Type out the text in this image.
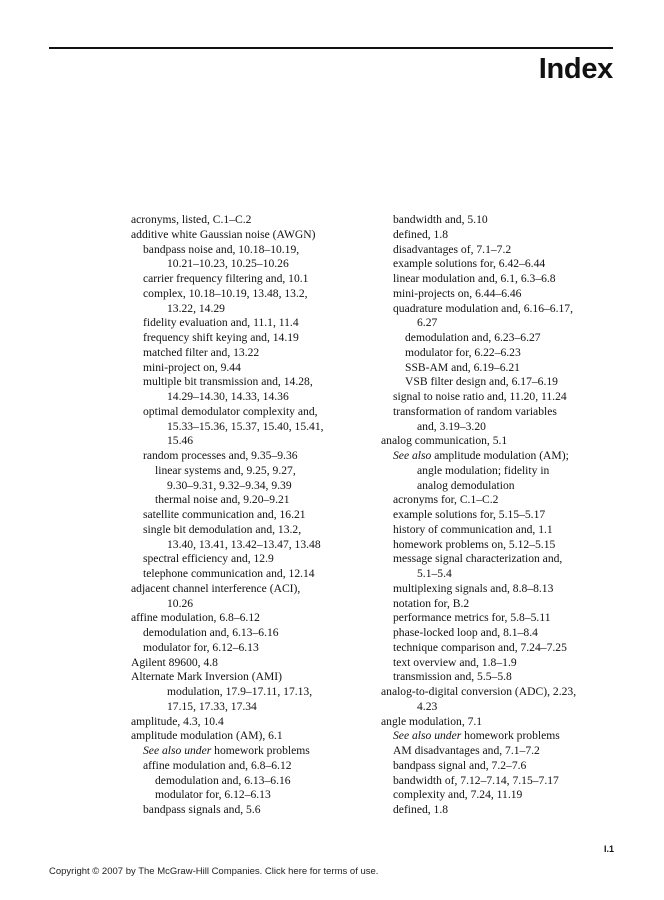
Index
acronyms, listed, C.1–C.2
additive white Gaussian noise (AWGN)
bandpass noise and, 10.18–10.19,
10.21–10.23, 10.25–10.26
carrier frequency filtering and, 10.1
complex, 10.18–10.19, 13.48, 13.2,
13.22, 14.29
fidelity evaluation and, 11.1, 11.4
frequency shift keying and, 14.19
matched filter and, 13.22
mini-project on, 9.44
multiple bit transmission and, 14.28,
14.29–14.30, 14.33, 14.36
optimal demodulator complexity and,
15.33–15.36, 15.37, 15.40, 15.41,
15.46
random processes and, 9.35–9.36
linear systems and, 9.25, 9.27,
9.30–9.31, 9.32–9.34, 9.39
thermal noise and, 9.20–9.21
satellite communication and, 16.21
single bit demodulation and, 13.2,
13.40, 13.41, 13.42–13.47, 13.48
spectral efficiency and, 12.9
telephone communication and, 12.14
adjacent channel interference (ACI),
10.26
affine modulation, 6.8–6.12
demodulation and, 6.13–6.16
modulator for, 6.12–6.13
Agilent 89600, 4.8
Alternate Mark Inversion (AMI)
modulation, 17.9–17.11, 17.13,
17.15, 17.33, 17.34
amplitude, 4.3, 10.4
amplitude modulation (AM), 6.1
See also under homework problems
affine modulation and, 6.8–6.12
demodulation and, 6.13–6.16
modulator for, 6.12–6.13
bandpass signals and, 5.6
bandwidth and, 5.10
defined, 1.8
disadvantages of, 7.1–7.2
example solutions for, 6.42–6.44
linear modulation and, 6.1, 6.3–6.8
mini-projects on, 6.44–6.46
quadrature modulation and, 6.16–6.17,
6.27
demodulation and, 6.23–6.27
modulator for, 6.22–6.23
SSB-AM and, 6.19–6.21
VSB filter design and, 6.17–6.19
signal to noise ratio and, 11.20, 11.24
transformation of random variables
and, 3.19–3.20
analog communication, 5.1
See also amplitude modulation (AM);
angle modulation; fidelity in
analog demodulation
acronyms for, C.1–C.2
example solutions for, 5.15–5.17
history of communication and, 1.1
homework problems on, 5.12–5.15
message signal characterization and,
5.1–5.4
multiplexing signals and, 8.8–8.13
notation for, B.2
performance metrics for, 5.8–5.11
phase-locked loop and, 8.1–8.4
technique comparison and, 7.24–7.25
text overview and, 1.8–1.9
transmission and, 5.5–5.8
analog-to-digital conversion (ADC), 2.23,
4.23
angle modulation, 7.1
See also under homework problems
AM disadvantages and, 7.1–7.2
bandpass signal and, 7.2–7.6
bandwidth of, 7.12–7.14, 7.15–7.17
complexity and, 7.24, 11.19
defined, 1.8
I.1
Copyright © 2007 by The McGraw-Hill Companies. Click here for terms of use.
